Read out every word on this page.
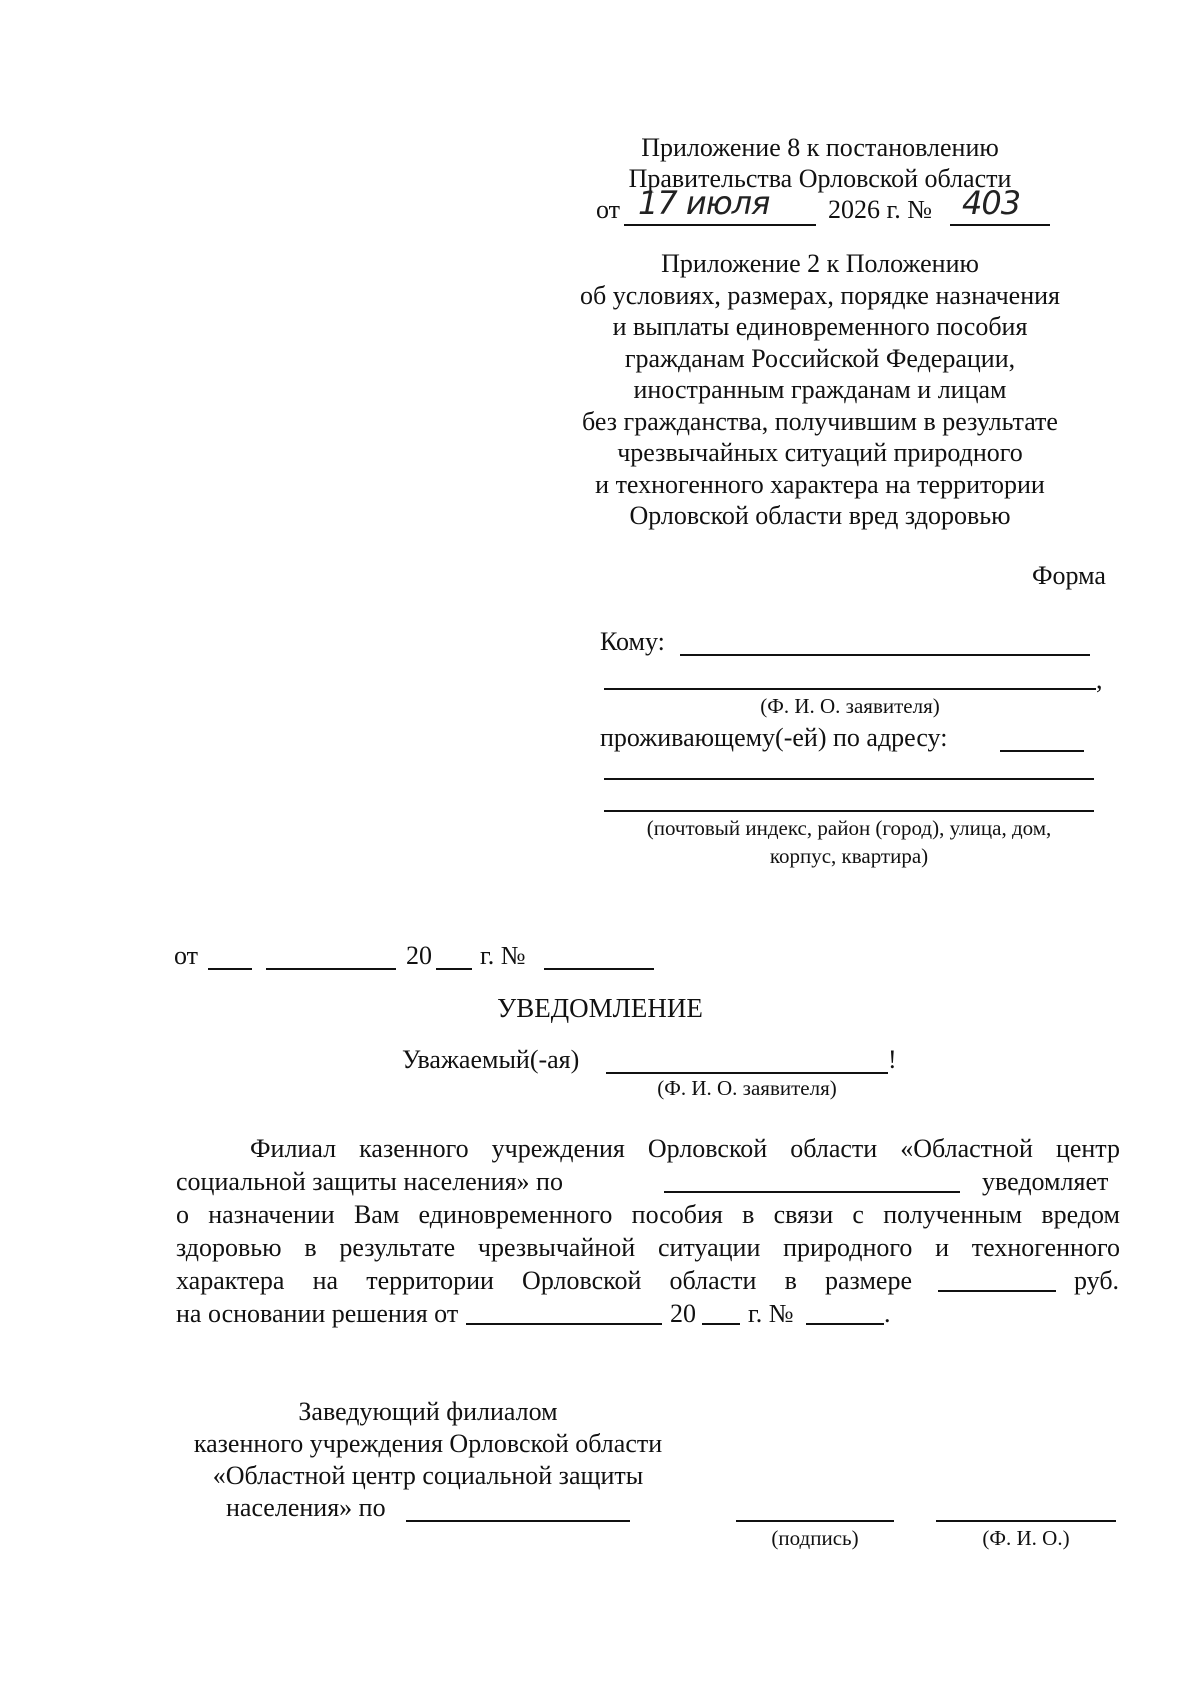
Приложение 8 к постановлению
Правительства Орловской области
от 17 июля 2026 г. № 403
Приложение 2 к Положению
об условиях, размерах, порядке назначения
и выплаты единовременного пособия
гражданам Российской Федерации,
иностранным гражданам и лицам
без гражданства, получившим в результате
чрезвычайных ситуаций природного
и техногенного характера на территории
Орловской области вред здоровью
Форма
Кому:
,
(Ф. И. О. заявителя)
проживающему(-ей) по адресу:
(почтовый индекс, район (город), улица, дом,
корпус, квартира)
от	20 г. №
УВЕДОМЛЕНИЕ
Уважаемый(-ая)	!
(Ф. И. О. заявителя)
Филиал казенного учреждения Орловской области «Областной центр
социальной защиты населения» по	уведомляет
о назначении Вам единовременного пособия в связи с полученным вредом
здоровью в результате чрезвычайной ситуации природного и техногенного
характера на территории Орловской области в размере	руб.
на основании решения от	20 г. №	.
Заведующий филиалом
казенного учреждения Орловской области
«Областной центр социальной защиты
населения» по
(подпись)	(Ф. И. О.)
